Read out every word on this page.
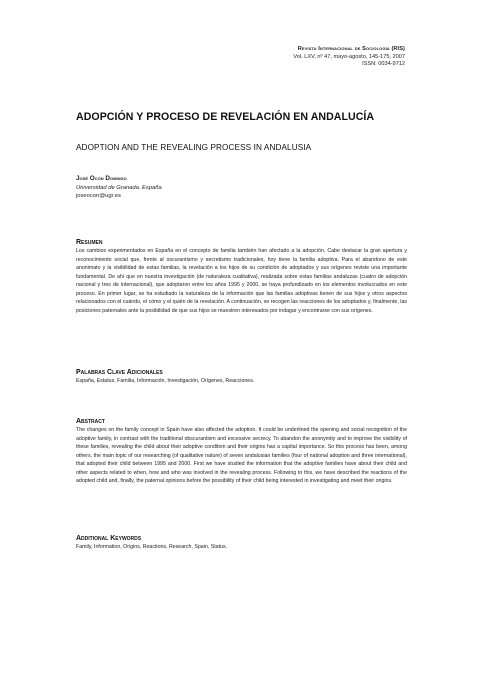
Revista Internacional de Sociología (RIS)
Vol. LXV, nº 47, mayo-agosto, 145-175, 2007
ISSN: 0034-9712
ADOPCIÓN Y PROCESO DE REVELACIÓN EN ANDALUCÍA
ADOPTION AND THE REVEALING PROCESS IN ANDALUSIA
José Ocón Domingo
Universidad de Granada. España
joseocon@ugr.es
Resumen

Los cambios experimentados en España en el concepto de familia también han afectado a la adopción. Cabe destacar la gran apertura y reconocimiento social que, frente al oscurantismo y secretismo tradicionales, hoy tiene la familia adoptiva. Para el abandono de este anonimato y la visibilidad de estas familias, la revelación a los hijos de su condición de adoptados y sus orígenes reviste una importante fundamental. De ahí que en nuestra investigación (de naturaleza cualitativa), realizada sobre estas familias andaluzas (cuatro de adopción nacional y tres de internacional), que adoptaron entre los años 1995 y 2000, se haya profundizado en los elementos involucrados en este proceso. En primer lugar, se ha estudiado la naturaleza de la información que las familias adoptivas tienen de sus hijos y otros aspectos relacionados con el cuándo, el cómo y el quién de la revelación. A continuación, se recogen las reacciones de los adoptados y, finalmente, las posiciones paternales ante la posibilidad de que sus hijos se muestren interesados por indagar y encontrarse con sus orígenes.

Palabras Clave Adicionales

España, Estatus, Familia, Información, Investigación, Orígenes, Reacciones.

Abstract

The changes on the family concept in Spain have also affected the adoption. It could be underlined the opening and social recognition of the adoptive family, in contrast with the traditional obscurantism and excessive secrecy. To abandon the anonymity and to improve the visibility of these families, revealing the child about their adoptive condition and their origins has a capital importance. So this process has been, among others, the main topic of our researching (of qualitative nature) of seven andalusian families (four of national adoption and three international), that adopted their child between 1995 and 2000. First we have studied the information that the adoptive families have about their child and other aspects related to when, how and who was involved in the revealing process. Following to this, we have described the reactions of the adopted child and, finally, the paternal opinions before the possibility of their child being interested in investigating and meet their origins.

Additional Keywords

Family, Information, Origins, Reactions, Research, Spain, Status.
